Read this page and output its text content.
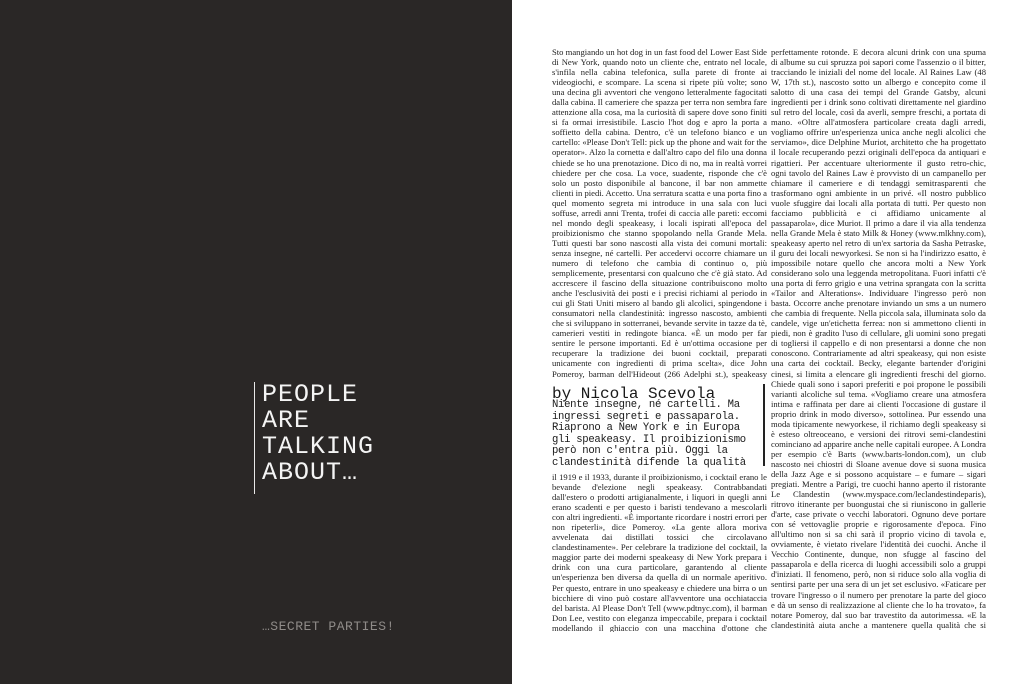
PEOPLE
ARE
TALKING
ABOUT…
…SECRET PARTIES!
Sto mangiando un hot dog in un fast food del Lower East Side di New York, quando noto un cliente che, entrato nel locale, s'infila nella cabina telefonica, sulla parete di fronte ai videogiochi, e scompare. La scena si ripete più volte; sono una decina gli avventori che vengono letteralmente fagocitati dalla cabina. Il cameriere che spazza per terra non sembra fare attenzione alla cosa, ma la curiosità di sapere dove sono finiti si fa ormai irresistibile. Lascio l'hot dog e apro la porta a soffietto della cabina. Dentro, c'è un telefono bianco e un cartello: «Please Don't Tell: pick up the phone and wait for the operator». Alzo la cornetta e dall'altro capo del filo una donna chiede se ho una prenotazione. Dico di no, ma in realtà vorrei chiedere per che cosa. La voce, suadente, risponde che c'è solo un posto disponibile al bancone, il bar non ammette clienti in piedi. Accetto. Una serratura scatta e una porta fino a quel momento segreta mi introduce in una sala con luci soffuse, arredi anni Trenta, trofei di caccia alle pareti: eccomi nel mondo degli speakeasy, i locali ispirati all'epoca del proibizionismo che stanno spopolando nella Grande Mela. Tutti questi bar sono nascosti alla vista dei comuni mortali: senza insegne, né cartelli. Per accedervi occorre chiamare un numero di telefono che cambia di continuo o, più semplicemente, presentarsi con qualcuno che c'è già stato. Ad accrescere il fascino della situazione contribuiscono molto anche l'esclusività dei posti e i precisi richiami al periodo in cui gli Stati Uniti misero al bando gli alcolici, spingendone i consumatori nella clandestinità: ingresso nascosto, ambienti che si sviluppano in sotterranei, bevande servite in tazze da tè, camerieri vestiti in redingote bianca. «È un modo per far sentire le persone importanti. Ed è un'ottima occasione per recuperare la tradizione dei buoni cocktail, preparati unicamente con ingredienti di prima scelta», dice John Pomeroy, barman dell'Hideout (266 Adelphi st.), speakeasy
by Nicola Scevola
Niente insegne, né cartelli. Ma ingressi segreti e passaparola. Riaprono a New York e in Europa gli speakeasy. Il proibizionismo però non c'entra più. Oggi la clandestinità difende la qualità
il 1919 e il 1933, durante il proibizionismo, i cocktail erano le bevande d'elezione negli speakeasy. Contrabbandati dall'estero o prodotti artigianalmente, i liquori in quegli anni erano scadenti e per questo i baristi tendevano a mescolarli con altri ingredienti. «È importante ricordare i nostri errori per non ripeterli», dice Pomeroy. «La gente allora moriva avvelenata dai distillati tossici che circolavano clandestinamente». Per celebrare la tradizione del cocktail, la maggior parte dei moderni speakeasy di New York prepara i drink con una cura particolare, garantendo al cliente un'esperienza ben diversa da quella di un normale aperitivo. Per questo, entrare in uno speakeasy e chiedere una birra o un bicchiere di vino può costare all'avventore una occhiataccia del barista. Al Please Don't Tell (www.pdtnyc.com), il barman Don Lee, vestito con eleganza impeccabile, prepara i cocktail modellando il ghiaccio con una macchina d'ottone che
perfettamente rotonde. E decora alcuni drink con una spuma di albume su cui spruzza poi sapori come l'assenzio o il bitter, tracciando le iniziali del nome del locale. Al Raines Law (48 W, 17th st.), nascosto sotto un albergo e concepito come il salotto di una casa dei tempi del Grande Gatsby, alcuni ingredienti per i drink sono coltivati direttamente nel giardino sul retro del locale, così da averli, sempre freschi, a portata di mano. «Oltre all'atmosfera particolare creata dagli arredi, vogliamo offrire un'esperienza unica anche negli alcolici che serviamo», dice Delphine Muriot, architetto che ha progettato il locale recuperando pezzi originali dell'epoca da antiquari e rigattieri. Per accentuare ulteriormente il gusto retro-chic, ogni tavolo del Raines Law è provvisto di un campanello per chiamare il cameriere e di tendaggi semitrasparenti che trasformano ogni ambiente in un privé. «Il nostro pubblico vuole sfuggire dai locali alla portata di tutti. Per questo non facciamo pubblicità e ci affidiamo unicamente al passaparola», dice Muriot. Il primo a dare il via alla tendenza nella Grande Mela è stato Milk & Honey (www.mlkhny.com), speakeasy aperto nel retro di un'ex sartoria da Sasha Petraske, il guru dei locali newyorkesi. Se non si ha l'indirizzo esatto, è impossibile notare quello che ancora molti a New York considerano solo una leggenda metropolitana. Fuori infatti c'è una porta di ferro grigio e una vetrina sprangata con la scritta «Tailor and Alterations». Individuare l'ingresso però non basta. Occorre anche prenotare inviando un sms a un numero che cambia di frequente. Nella piccola sala, illuminata solo da candele, vige un'etichetta ferrea: non si ammettono clienti in piedi, non è gradito l'uso di cellulare, gli uomini sono pregati di togliersi il cappello e di non presentarsi a donne che non conoscono. Contrariamente ad altri speakeasy, qui non esiste una carta dei cocktail. Becky, elegante bartender d'origini cinesi, si limita a elencare gli ingredienti freschi del giorno. Chiede quali sono i sapori preferiti e poi propone le possibili varianti alcoliche sul tema. «Vogliamo creare una atmosfera intima e raffinata per dare ai clienti l'occasione di gustare il proprio drink in modo diverso», sottolinea. Pur essendo una moda tipicamente newyorkese, il richiamo degli speakeasy si è esteso oltreoceano, e versioni dei ritrovi semi-clandestini cominciano ad apparire anche nelle capitali europee. A Londra per esempio c'è Barts (www.barts-london.com), un club nascosto nei chiostri di Sloane avenue dove si suona musica della Jazz Age e si possono acquistare – e fumare – sigari pregiati. Mentre a Parigi, tre cuochi hanno aperto il ristorante Le Clandestin (www.myspace.com/leclandestindeparis), ritrovo itinerante per buongustai che si riuniscono in gallerie d'arte, case private o vecchi laboratori. Ognuno deve portare con sé vettovaglie proprie e rigorosamente d'epoca. Fino all'ultimo non si sa chi sarà il proprio vicino di tavola e, ovviamente, è vietato rivelare l'identità dei cuochi. Anche il Vecchio Continente, dunque, non sfugge al fascino del passaparola e della ricerca di luoghi accessibili solo a gruppi d'iniziati. Il fenomeno, però, non si riduce solo alla voglia di sentirsi parte per una sera di un jet set esclusivo. «Faticare per trovare l'ingresso o il numero per prenotare la parte del gioco e dà un senso di realizzazione al cliente che lo ha trovato», fa notare Pomeroy, dal suo bar travestito da autorimessa. «E la clandestinità aiuta anche a mantenere quella qualità che si
